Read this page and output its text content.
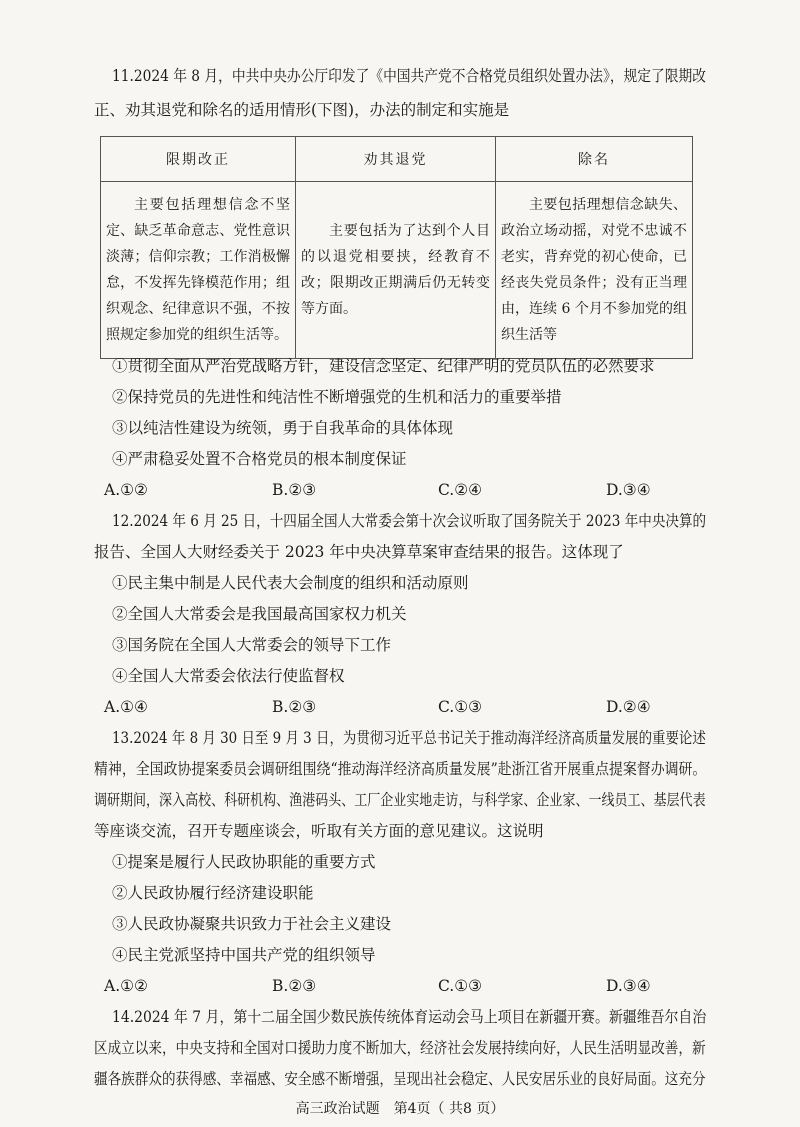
11.2024 年 8 月，中共中央办公厅印发了《中国共产党不合格党员组织处置办法》，规定了限期改
正、劝其退党和除名的适用情形(下图)，办法的制定和实施是
限期改正	劝其退党	除名
主要包括理想信念不坚定、缺乏革命意志、党性意识淡薄；信仰宗教；工作消极懈怠，不发挥先锋模范作用；组织观念、纪律意识不强，不按照规定参加党的组织生活等。	主要包括为了达到个人目的以退党相要挟，经教育不改；限期改正期满后仍无转变等方面。	主要包括理想信念缺失、政治立场动摇，对党不忠诚不老实，背弃党的初心使命，已经丧失党员条件；没有正当理由，连续 6 个月不参加党的组织生活等
①贯彻全面从严治党战略方针，建设信念坚定、纪律严明的党员队伍的必然要求
②保持党员的先进性和纯洁性不断增强党的生机和活力的重要举措
③以纯洁性建设为统领，勇于自我革命的具体体现
④严肃稳妥处置不合格党员的根本制度保证
A.①②	B.②③	C.②④	D.③④
12.2024 年 6 月 25 日，十四届全国人大常委会第十次会议听取了国务院关于 2023 年中央决算的
报告、全国人大财经委关于 2023 年中央决算草案审查结果的报告。这体现了
①民主集中制是人民代表大会制度的组织和活动原则
②全国人大常委会是我国最高国家权力机关
③国务院在全国人大常委会的领导下工作
④全国人大常委会依法行使监督权
A.①④	B.②③	C.①③	D.②④
13.2024 年 8 月 30 日至 9 月 3 日，为贯彻习近平总书记关于推动海洋经济高质量发展的重要论述
精神，全国政协提案委员会调研组围绕“推动海洋经济高质量发展”赴浙江省开展重点提案督办调研。
调研期间，深入高校、科研机构、渔港码头、工厂企业实地走访，与科学家、企业家、一线员工、基层代表
等座谈交流，召开专题座谈会，听取有关方面的意见建议。这说明
①提案是履行人民政协职能的重要方式
②人民政协履行经济建设职能
③人民政协凝聚共识致力于社会主义建设
④民主党派坚持中国共产党的组织领导
A.①②	B.②③	C.①③	D.③④
14.2024 年 7 月，第十二届全国少数民族传统体育运动会马上项目在新疆开赛。新疆维吾尔自治
区成立以来，中央支持和全国对口援助力度不断加大，经济社会发展持续向好，人民生活明显改善，新
疆各族群众的获得感、幸福感、安全感不断增强，呈现出社会稳定、人民安居乐业的良好局面。这充分
高三政治试题　第4页（ 共8 页）
